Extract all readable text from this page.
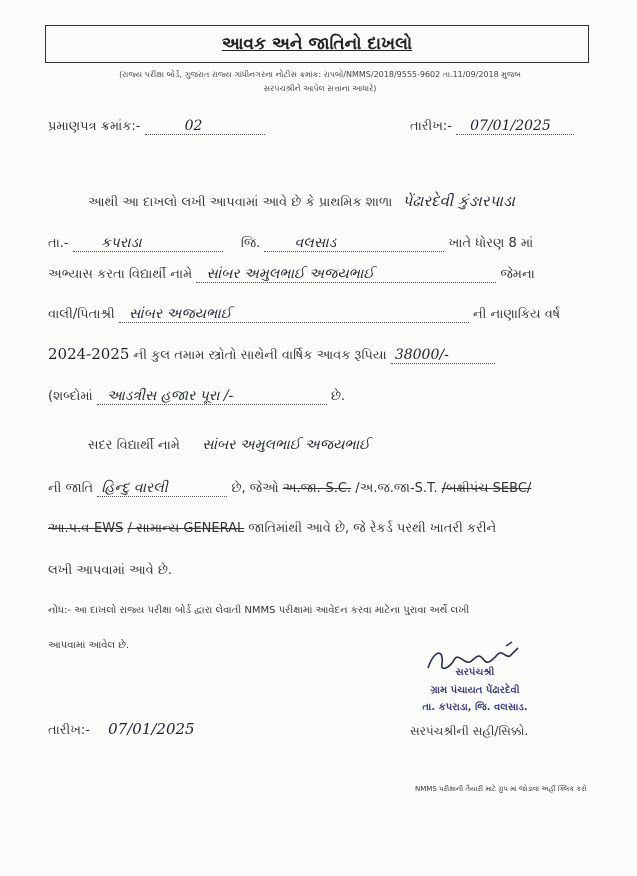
આવક અને જાતિનો દાખલો
(રાજ્ય પરીક્ષા બોર્ડ, ગુજરાત રાજ્ય ગાંધીનગરના નોટીસ ક્રમાંક: રાપબો/NMMS/2018/9555-9602 તા.11/09/2018 મુજબ
સરપંચશ્રીને આપેલ સત્તાના આધારે)
પ્રમાણપત્ર ક્રમાંક:-	02	તારીખ:- 07/01/2025
આથી આ દાખલો લખી આપવામાં આવે છે કે પ્રાથમિક શાળા પેંઢારદેવી કુંઙારપાડા
તા.- કપરાડા	જિ. વલસાડ	ખાતે ધોરણ 8 માં
અભ્યાસ કરતા વિદ્યાર્થી નામે સાંબર અમુલભાઈ અજયભાઈ	જેમના
વાલી/પિતાશ્રી સાંબર અજયભાઈ	ની નાણાકિય વર્ષ
2024-2025 ની કુલ તમામ સ્ત્રોતો સાથેની વાર્ષિક આવક રૂપિયા 38000/-
(શબ્દોમાં આડત્રીસ હજાર પૂરા /-	છે.
સદર વિદ્યાર્થી નામે સાંબર અમુલભાઈ અજયભાઈ
ની જાતિ હિન્દુ વારલી	છે, જેઓ અ.જા.-S.C. /અ.જ.જા-S.T. /બક્ષીપંચ SEBC/
આ.પ.વ-EWS / સામાન્ય GENERAL જાતિમાંથી આવે છે, જે રેકર્ડ પરથી ખાતરી કરીને
લખી આપવામાં આવે છે.
નોંધ:- આ દાખલો રાજ્ય પરીક્ષા બોર્ડ દ્વારા લેવાતી NMMS પરીક્ષામાં આવેદન કરવા માટેના પુરાવા અર્થે લખી
આપવામાં આવેલ છે.
સરપંચશ્રી
ગ્રામ પંચાયત પેંઢારદેવી
તા. કપરાડા, જિ. વલસાડ.
તારીખ:- 07/01/2025	સરપંચશ્રીની સહી/સિક્કો.
NMMS પરીક્ષાની તૈયારી માટે ગ્રુપ માં જોડાવા અહીં ક્લિક કરો
